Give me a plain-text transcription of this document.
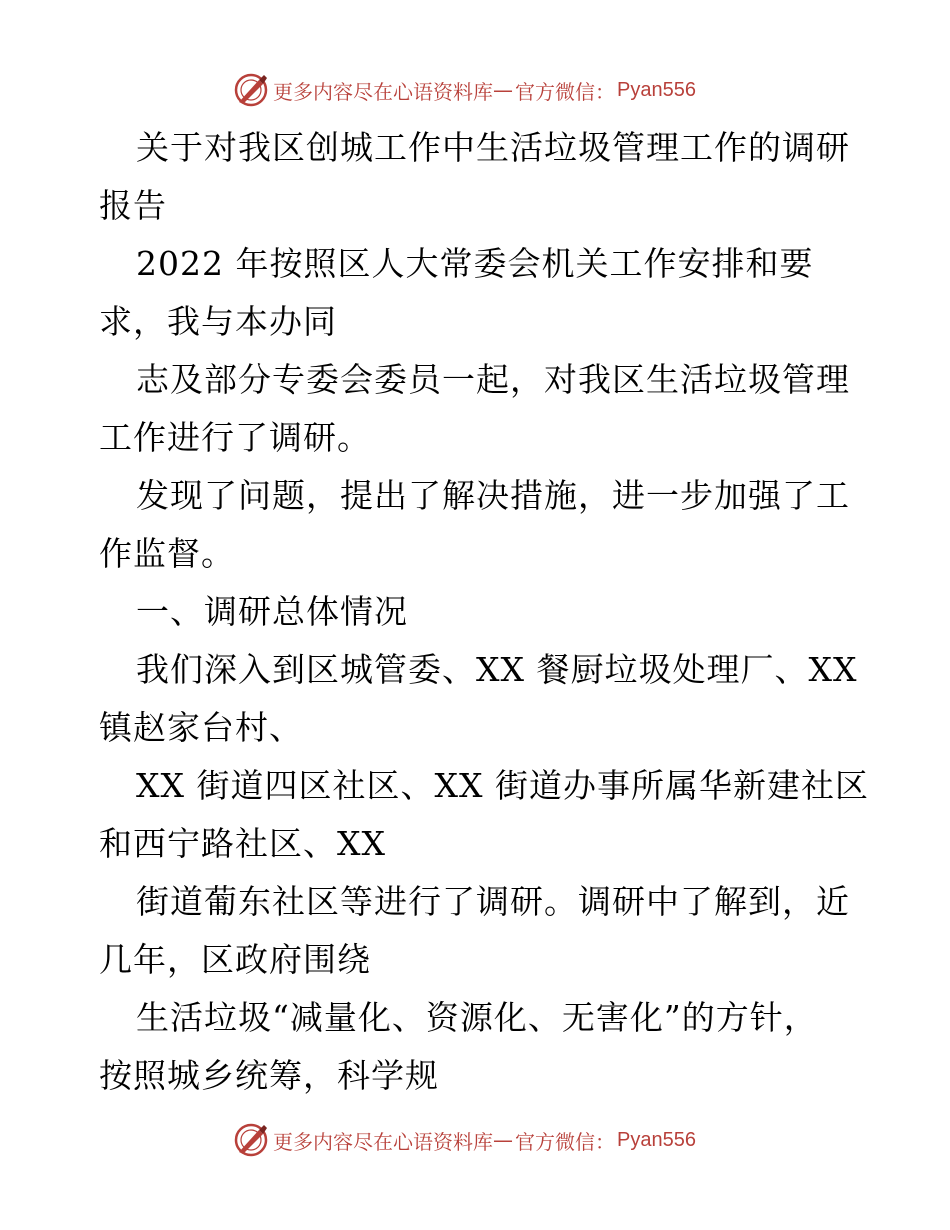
更多内容尽在心语资料库 — 官方微信： Pyan556

关于对我区创城工作中生活垃圾管理工作的调研

报告

2022 年按照区人大常委会机关工作安排和要

求，我与本办同

志及部分专委会委员一起，对我区生活垃圾管理

工作进行了调研。

发现了问题，提出了解决措施，进一步加强了工

作监督。

一、调研总体情况

我们深入到区城管委、XX 餐厨垃圾处理厂、XX

镇赵家台村、

XX 街道四区社区、XX 街道办事所属华新建社区

和西宁路社区、XX

街道葡东社区等进行了调研。调研中了解到，近

几年，区政府围绕

生活垃圾“减量化、资源化、无害化”的方针，

按照城乡统筹，科学规

更多内容尽在心语资料库 — 官方微信： Pyan556
